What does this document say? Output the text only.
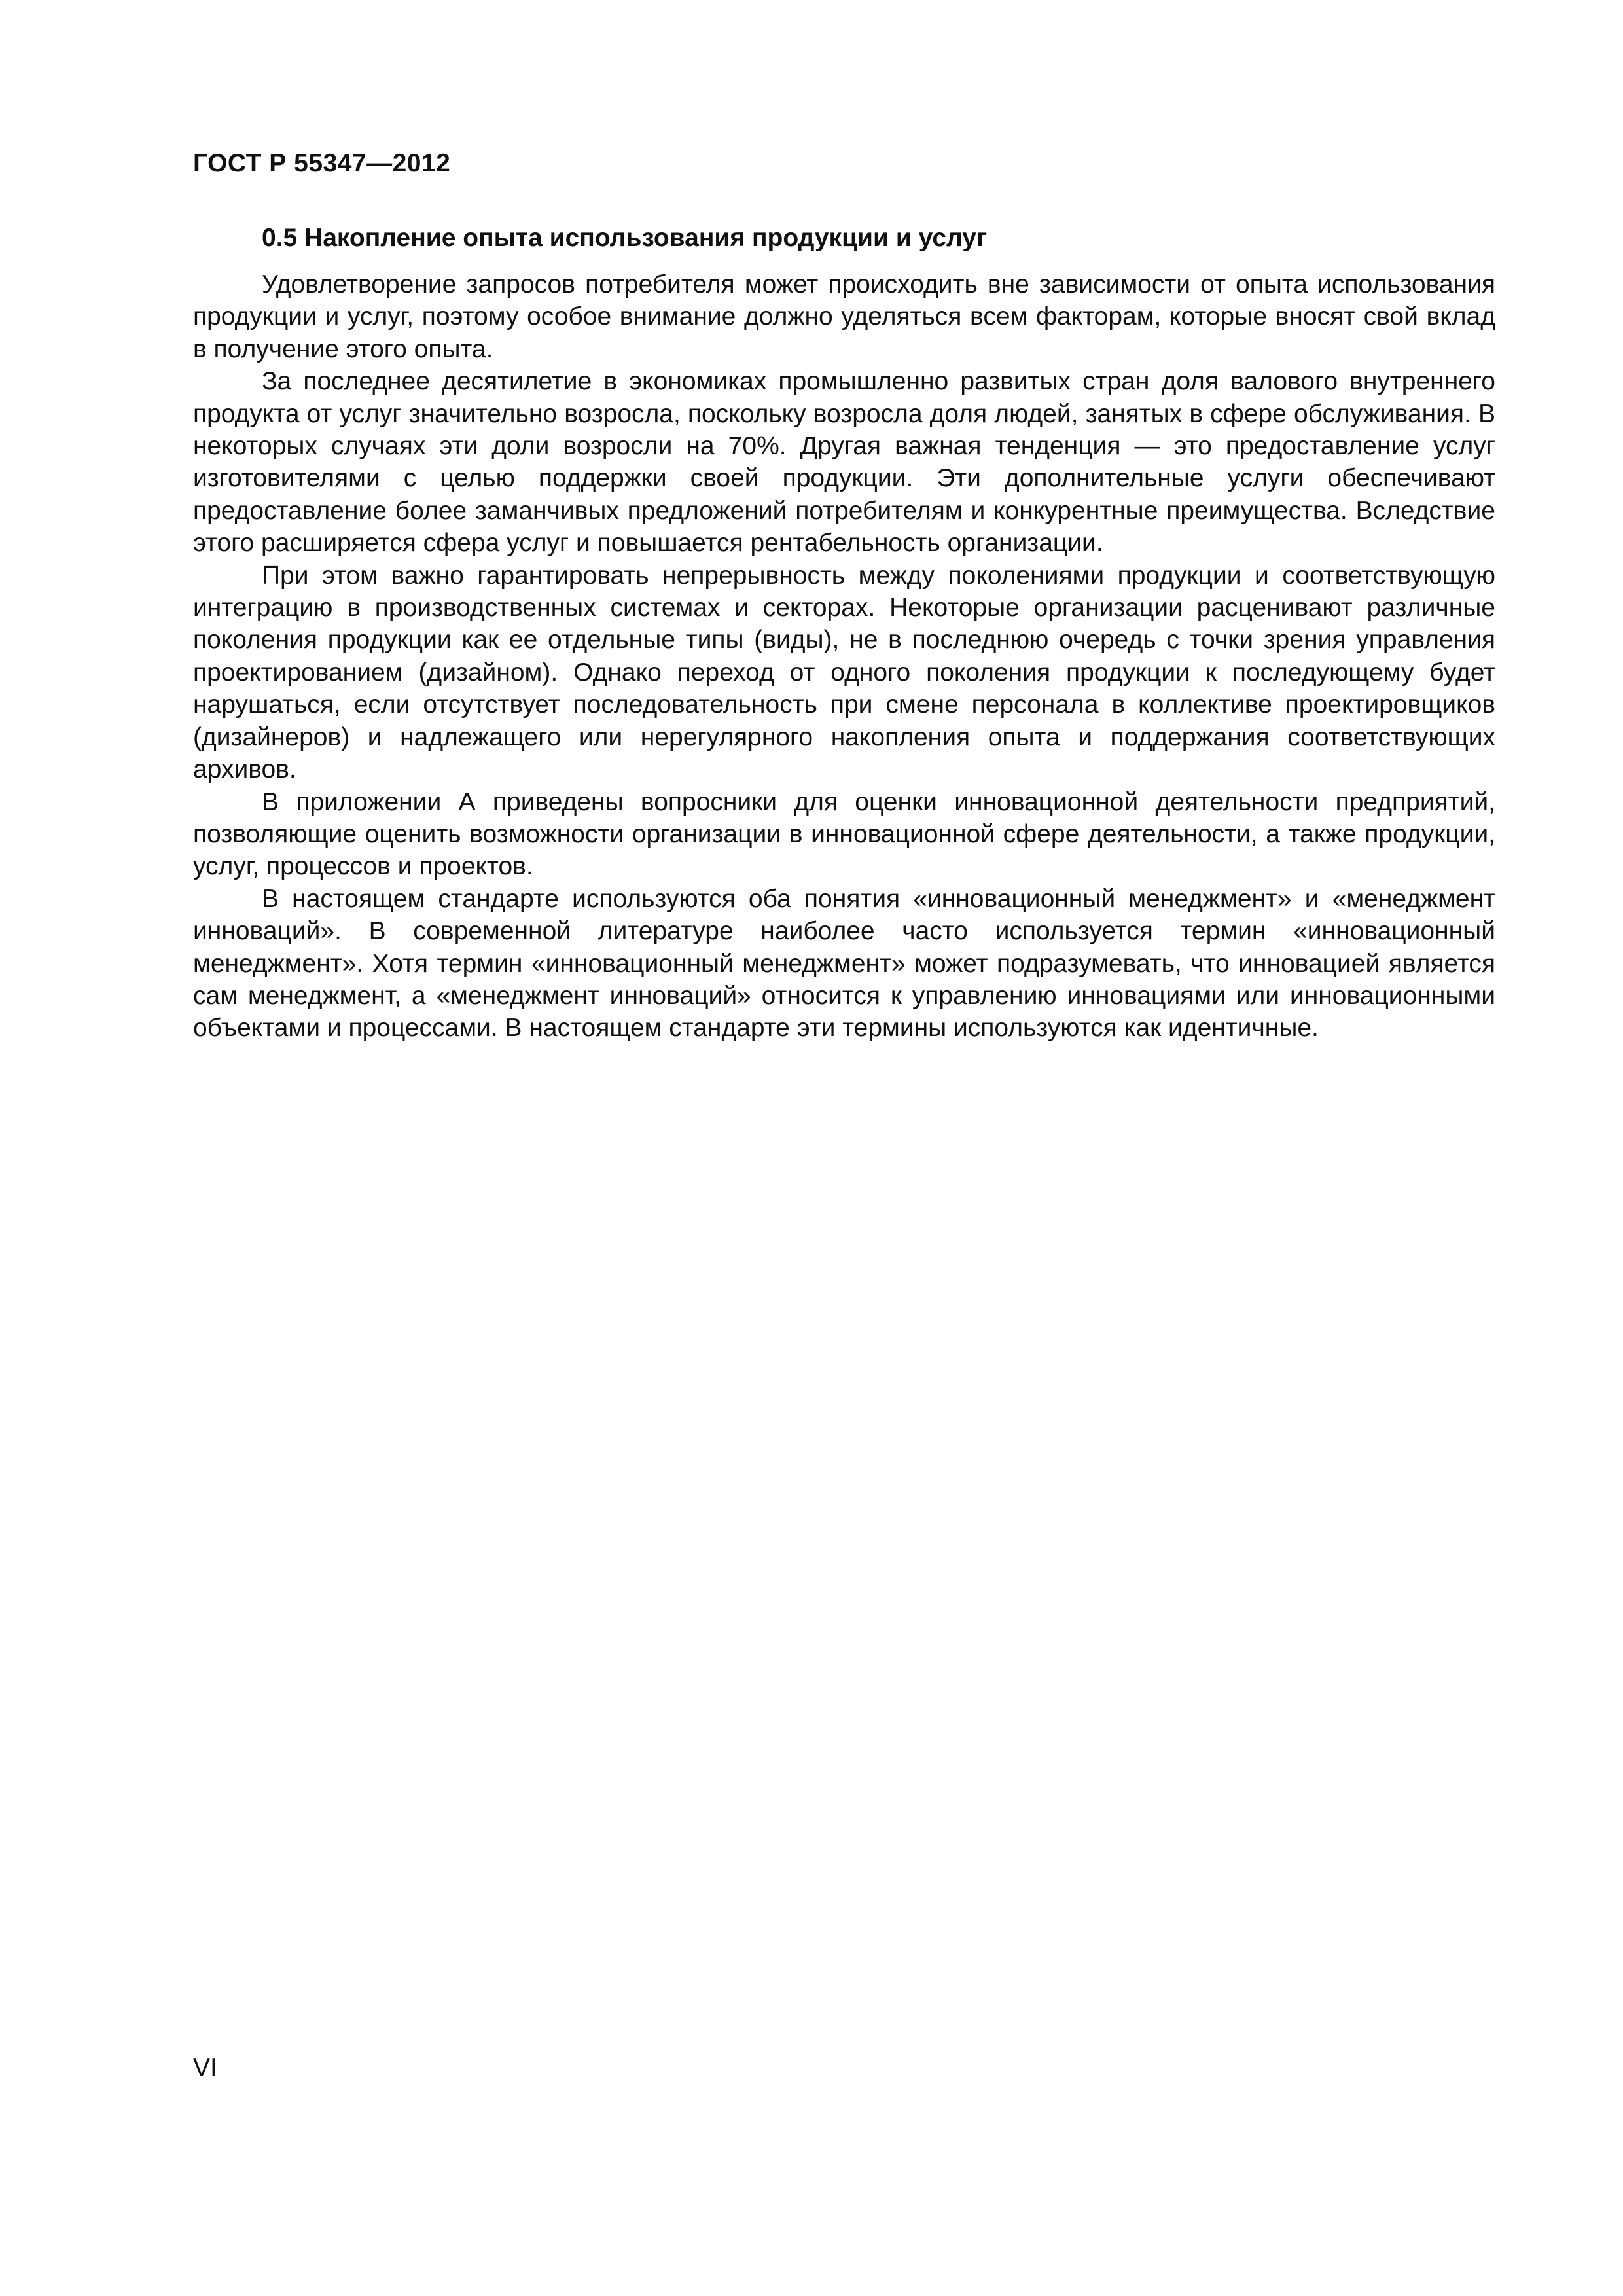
ГОСТ Р 55347—2012
0.5 Накопление опыта использования продукции и услуг

Удовлетворение запросов потребителя может происходить вне зависимости от опыта использования продукции и услуг, поэтому особое внимание должно уделяться всем факторам, которые вносят свой вклад в получение этого опыта.

За последнее десятилетие в экономиках промышленно развитых стран доля валового внутреннего продукта от услуг значительно возросла, поскольку возросла доля людей, занятых в сфере обслуживания. В некоторых случаях эти доли возросли на 70%. Другая важная тенденция — это предоставление услуг изготовителями с целью поддержки своей продукции. Эти дополнительные услуги обеспечивают предоставление более заманчивых предложений потребителям и конкурентные преимущества. Вследствие этого расширяется сфера услуг и повышается рентабельность организации.

При этом важно гарантировать непрерывность между поколениями продукции и соответствующую интеграцию в производственных системах и секторах. Некоторые организации расценивают различные поколения продукции как ее отдельные типы (виды), не в последнюю очередь с точки зрения управления проектированием (дизайном). Однако переход от одного поколения продукции к последующему будет нарушаться, если отсутствует последовательность при смене персонала в коллективе проектировщиков (дизайнеров) и надлежащего или нерегулярного накопления опыта и поддержания соответствующих архивов.

В приложении А приведены вопросники для оценки инновационной деятельности предприятий, позволяющие оценить возможности организации в инновационной сфере деятельности, а также продукции, услуг, процессов и проектов.

В настоящем стандарте используются оба понятия «инновационный менеджмент» и «менеджмент инноваций». В современной литературе наиболее часто используется термин «инновационный менеджмент». Хотя термин «инновационный менеджмент» может подразумевать, что инновацией является сам менеджмент, а «менеджмент инноваций» относится к управлению инновациями или инновационными объектами и процессами. В настоящем стандарте эти термины используются как идентичные.

VI
